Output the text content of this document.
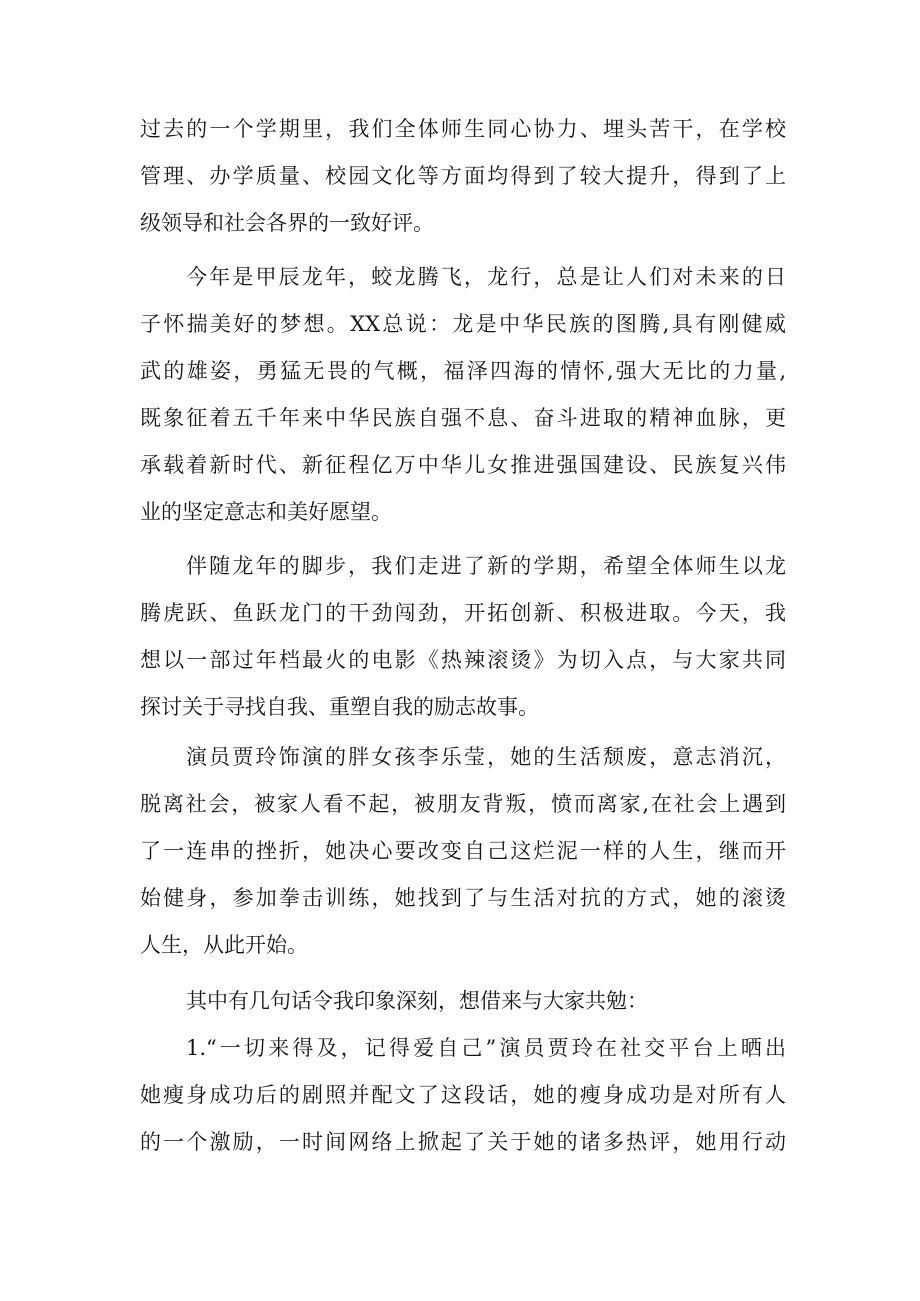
过去的一个学期里，我们全体师生同心协力、埋头苦干，在学校
管理、办学质量、校园文化等方面均得到了较大提升，得到了上
级领导和社会各界的一致好评。
今年是甲辰龙年，蛟龙腾飞，龙行，总是让人们对未来的日
子怀揣美好的梦想。XX总说：龙是中华民族的图腾,具有刚健威
武的雄姿，勇猛无畏的气概，福泽四海的情怀,强大无比的力量,
既象征着五千年来中华民族自强不息、奋斗进取的精神血脉，更
承载着新时代、新征程亿万中华儿女推进强国建设、民族复兴伟
业的坚定意志和美好愿望。
伴随龙年的脚步，我们走进了新的学期，希望全体师生以龙
腾虎跃、鱼跃龙门的干劲闯劲，开拓创新、积极进取。今天，我
想以一部过年档最火的电影《热辣滚烫》为切入点，与大家共同
探讨关于寻找自我、重塑自我的励志故事。
演员贾玲饰演的胖女孩李乐莹，她的生活颓废，意志消沉，
脱离社会，被家人看不起，被朋友背叛，愤而离家,在社会上遇到
了一连串的挫折，她决心要改变自己这烂泥一样的人生，继而开
始健身，参加拳击训练，她找到了与生活对抗的方式，她的滚烫
人生，从此开始。
其中有几句话令我印象深刻，想借来与大家共勉：
1.“一切来得及，记得爱自己”演员贾玲在社交平台上晒出
她瘦身成功后的剧照并配文了这段话，她的瘦身成功是对所有人
的一个激励，一时间网络上掀起了关于她的诸多热评，她用行动
